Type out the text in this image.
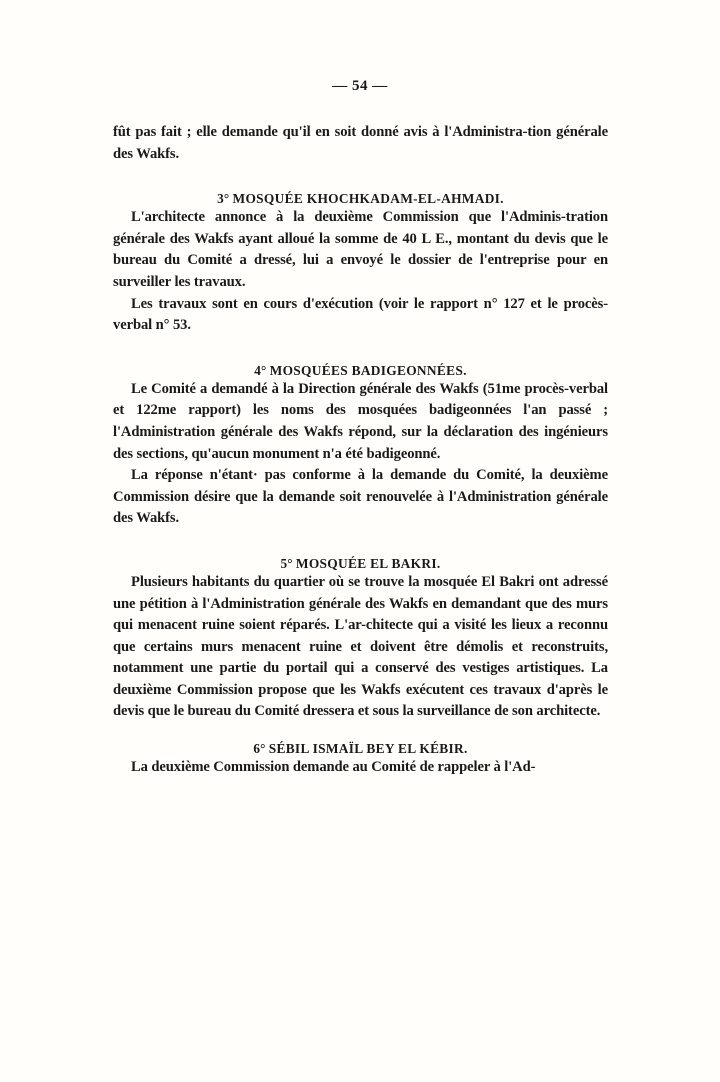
— 54 —

fût pas fait ; elle demande qu'il en soit donné avis à l'Administra-tion générale des Wakfs.

3° MOSQUÉE KHOCHKADAM-EL-AHMADI.

L'architecte annonce à la deuxième Commission que l'Adminis-tration générale des Wakfs ayant alloué la somme de 40 L E., montant du devis que le bureau du Comité a dressé, lui a envoyé le dossier de l'entreprise pour en surveiller les travaux.

Les travaux sont en cours d'exécution (voir le rapport n° 127 et le procès-verbal n° 53.

4° MOSQUÉES BADIGEONNÉES.

Le Comité a demandé à la Direction générale des Wakfs (51me procès-verbal et 122me rapport) les noms des mosquées badigeonnées l'an passé ; l'Administration générale des Wakfs répond, sur la déclaration des ingénieurs des sections, qu'aucun monument n'a été badigeonné.

La réponse n'étant· pas conforme à la demande du Comité, la deuxième Commission désire que la demande soit renouvelée à l'Administration générale des Wakfs.

5° MOSQUÉE EL BAKRI.

Plusieurs habitants du quartier où se trouve la mosquée El Bakri ont adressé une pétition à l'Administration générale des Wakfs en demandant que des murs qui menacent ruine soient réparés. L'ar-chitecte qui a visité les lieux a reconnu que certains murs menacent ruine et doivent être démolis et reconstruits, notamment une partie du portail qui a conservé des vestiges artistiques. La deuxième Commission propose que les Wakfs exécutent ces travaux d'après le devis que le bureau du Comité dressera et sous la surveillance de son architecte.

6° SÉBIL ISMAÏL BEY EL KÉBIR.

La deuxième Commission demande au Comité de rappeler à l'Ad-
